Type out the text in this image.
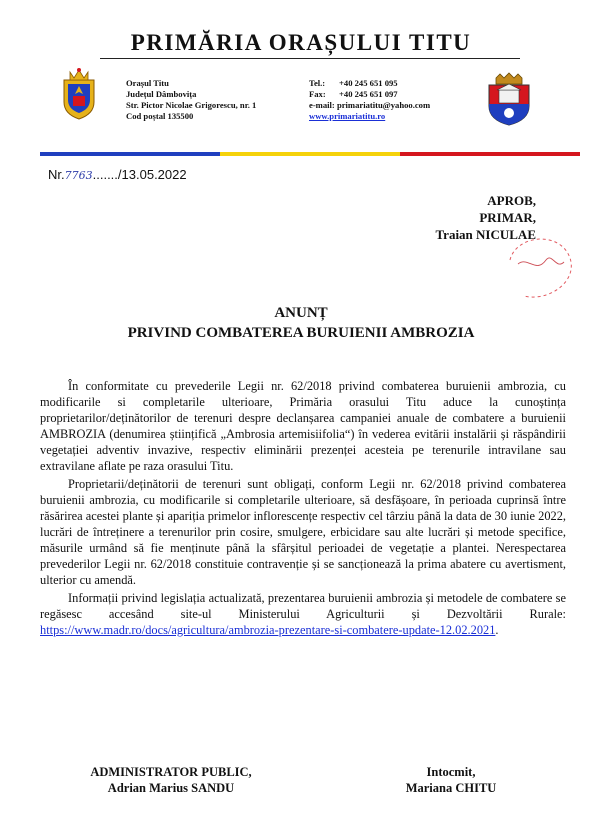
PRIMĂRIA ORAȘULUI TITU
Orașul Titu
Județul Dâmbovița
Str. Pictor Nicolae Grigorescu, nr. 1
Cod poștal 135500
Tel.: +40 245 651 095
Fax: +40 245 651 097
e-mail: primariatitu@yahoo.com
www.primariatitu.ro
Nr.7763......./13.05.2022
APROB,
PRIMAR,
Traian NICULAE
ANUNȚ
PRIVIND COMBATEREA BURUIENII AMBROZIA

În conformitate cu prevederile Legii nr. 62/2018 privind combaterea buruienii ambrozia, cu modificarile si completarile ulterioare, Primăria orasului Titu aduce la cunoștința proprietarilor/deținătorilor de terenuri despre declanșarea campaniei anuale de combatere a buruienii AMBROZIA (denumirea științifică „Ambrosia artemisiifolia“) în vederea evitării instalării și răspândirii vegetației adventiv invazive, respectiv eliminării prezenței acesteia pe terenurile intravilane sau extravilane aflate pe raza orasului Titu.

Proprietarii/deținătorii de terenuri sunt obligați, conform Legii nr. 62/2018 privind combaterea buruienii ambrozia, cu modificarile si completarile ulterioare, să desfășoare, în perioada cuprinsă între răsărirea acestei plante și apariția primelor inflorescențe respectiv cel târziu până la data de 30 iunie 2022, lucrări de întreținere a terenurilor prin cosire, smulgere, erbicidare sau alte lucrări și metode specifice, măsurile urmând să fie menținute până la sfârșitul perioadei de vegetație a plantei. Nerespectarea prevederilor Legii nr. 62/2018 constituie contravenție și se sancționează la prima abatere cu avertisment, ulterior cu amendă.

Informații privind legislația actualizată, prezentarea buruienii ambrozia și metodele de combatere se regăsesc accesând site-ul Ministerului Agriculturii și Dezvoltării Rurale: https://www.madr.ro/docs/agricultura/ambrozia-prezentare-si-combatere-update-12.02.2021.

ADMINISTRATOR PUBLIC,
Adrian Marius SANDU
Intocmit,
Mariana CHITU
